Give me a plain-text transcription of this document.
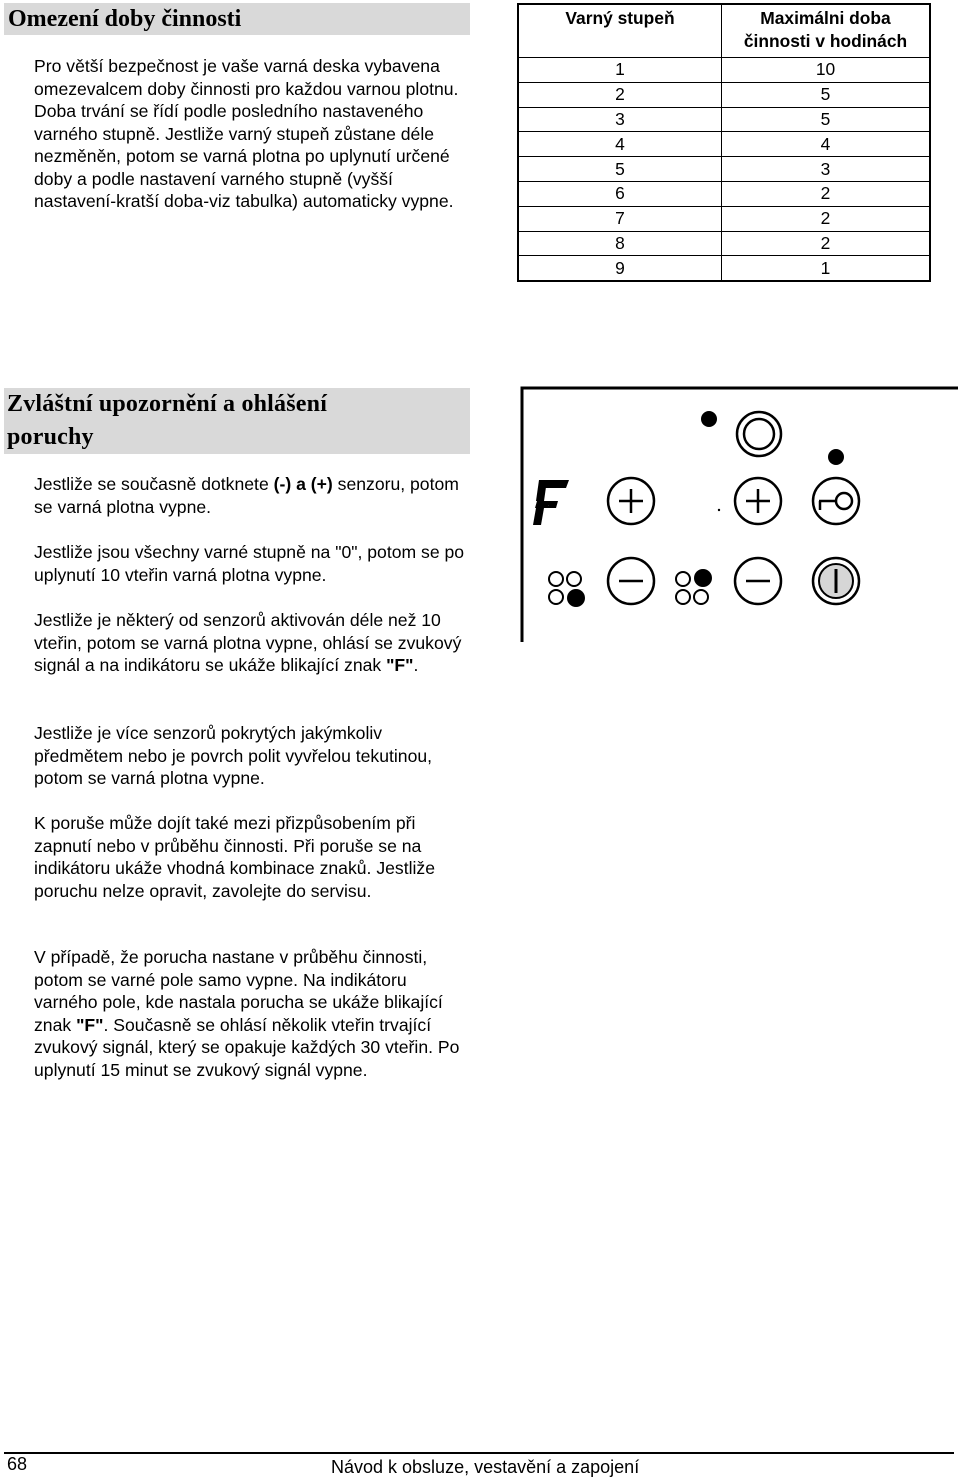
Omezení doby činnosti

Pro větší bezpečnost je vaše varná deska vybavena omezevalcem doby činnosti pro každou varnou plotnu. Doba trvání se řídí podle posledního nastaveného varného stupně. Jestliže varný stupeň zůstane déle nezměněn, potom se varná plotna po uplynutí určené doby a podle nastavení varného stupně (vyšší nastavení-kratší doba-viz tabulka) automaticky vypne.

Varný stupeň	Maximálni doba
činnosti v hodinách
1	10
2	5
3	5
4	4
5	3
6	2
7	2
8	2
9	1
Zvláštní upozornění a ohlášení
poruchy

Jestliže se současně dotknete (-) a (+) senzoru, potom se varná plotna vypne.

Jestliže jsou všechny varné stupně na "0", potom se po uplynutí 10 vteřin varná plotna vypne.

Jestliže je některý od senzorů aktivován déle než 10 vteřin, potom se varná plotna vypne, ohlásí se zvukový signál a na indikátoru se ukáže blikající znak "F".

Jestliže je více senzorů pokrytých jakýmkoliv předmětem nebo je povrch polit vyvřelou tekutinou, potom se varná plotna vypne.

K poruše může dojít také mezi přizpůsobením při zapnutí nebo v průběhu činnosti. Při poruše se na indikátoru ukáže vhodná kombinace znaků. Jestliže poruchu nelze opravit, zavolejte do servisu.

V případě, že porucha nastane v průběhu činnosti, potom se varné pole samo vypne. Na indikátoru varného pole, kde nastala porucha se ukáže blikající znak "F". Současně se ohlásí několik vteřin trvající zvukový signál, který se opakuje každých 30 vteřin. Po uplynutí 15 minut se zvukový signál vypne.

F
68	Návod k obsluze, vestavění a zapojení
